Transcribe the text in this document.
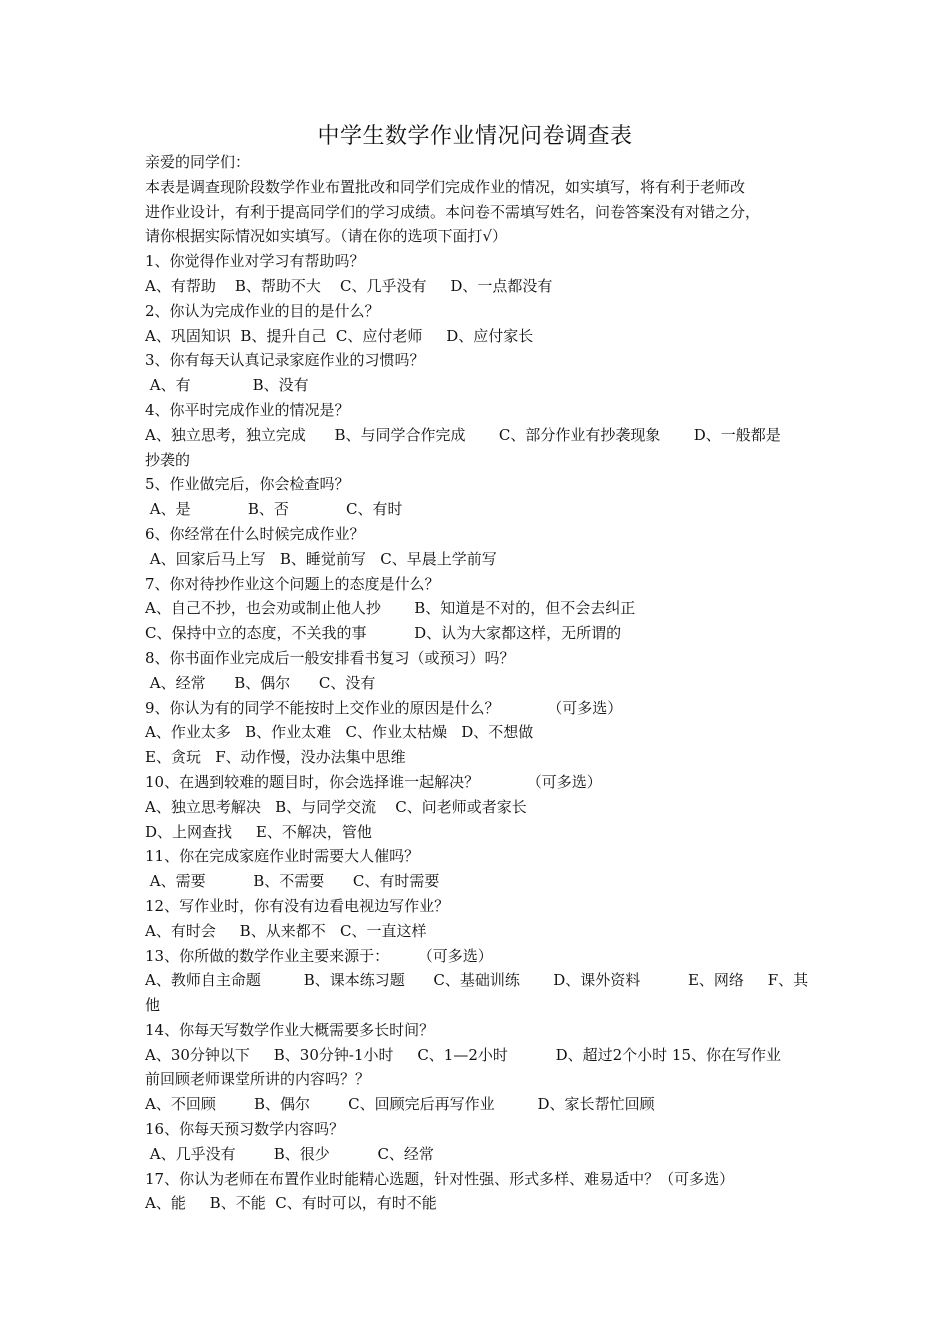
中学生数学作业情况问卷调查表
亲爱的同学们：
本表是调查现阶段数学作业布置批改和同学们完成作业的情况，如实填写，将有利于老师改
进作业设计，有利于提高同学们的学习成绩。本问卷不需填写姓名，问卷答案没有对错之分，
请你根据实际情况如实填写。（请在你的选项下面打√）
1、你觉得作业对学习有帮助吗？
A、有帮助    B、帮助不大    C、几乎没有     D、一点都没有
2、你认为完成作业的目的是什么？
A、巩固知识  B、提升自己  C、应付老师     D、应付家长
3、你有每天认真记录家庭作业的习惯吗？
A、有             B、没有
4、你平时完成作业的情况是？
A、独立思考，独立完成      B、与同学合作完成       C、部分作业有抄袭现象       D、一般都是
抄袭的
5、作业做完后，你会检查吗？
A、是            B、否            C、有时
6、你经常在什么时候完成作业？
A、回家后马上写   B、睡觉前写   C、早晨上学前写
7、你对待抄作业这个问题上的态度是什么？
A、自己不抄，也会劝或制止他人抄       B、知道是不对的，但不会去纠正
C、保持中立的态度，不关我的事          D、认为大家都这样，无所谓的
8、你书面作业完成后一般安排看书复习（或预习）吗？
A、经常      B、偶尔      C、没有
9、你认为有的同学不能按时上交作业的原因是什么？          （可多选）
A、作业太多   B、作业太难   C、作业太枯燥   D、不想做
E、贪玩   F、动作慢，没办法集中思维
10、在遇到较难的题目时，你会选择谁一起解决？          （可多选）
A、独立思考解决   B、与同学交流    C、问老师或者家长
D、上网查找     E、不解决，管他
11、你在完成家庭作业时需要大人催吗？
A、需要          B、不需要      C、有时需要
12、写作业时，你有没有边看电视边写作业？
A、有时会     B、从来都不   C、一直这样
13、你所做的数学作业主要来源于：      （可多选）
A、教师自主命题         B、课本练习题      C、基础训练       D、课外资料          E、网络     F、其
他
14、你每天写数学作业大概需要多长时间？
A、30分钟以下     B、30分钟-1小时     C、1—2小时          D、超过2个小时 15、你在写作业
前回顾老师课堂所讲的内容吗？？
A、不回顾        B、偶尔        C、回顾完后再写作业         D、家长帮忙回顾
16、你每天预习数学内容吗？
A、几乎没有        B、很少          C、经常
17、你认为老师在布置作业时能精心选题，针对性强、形式多样、难易适中？（可多选）
A、能     B、不能  C、有时可以，有时不能
